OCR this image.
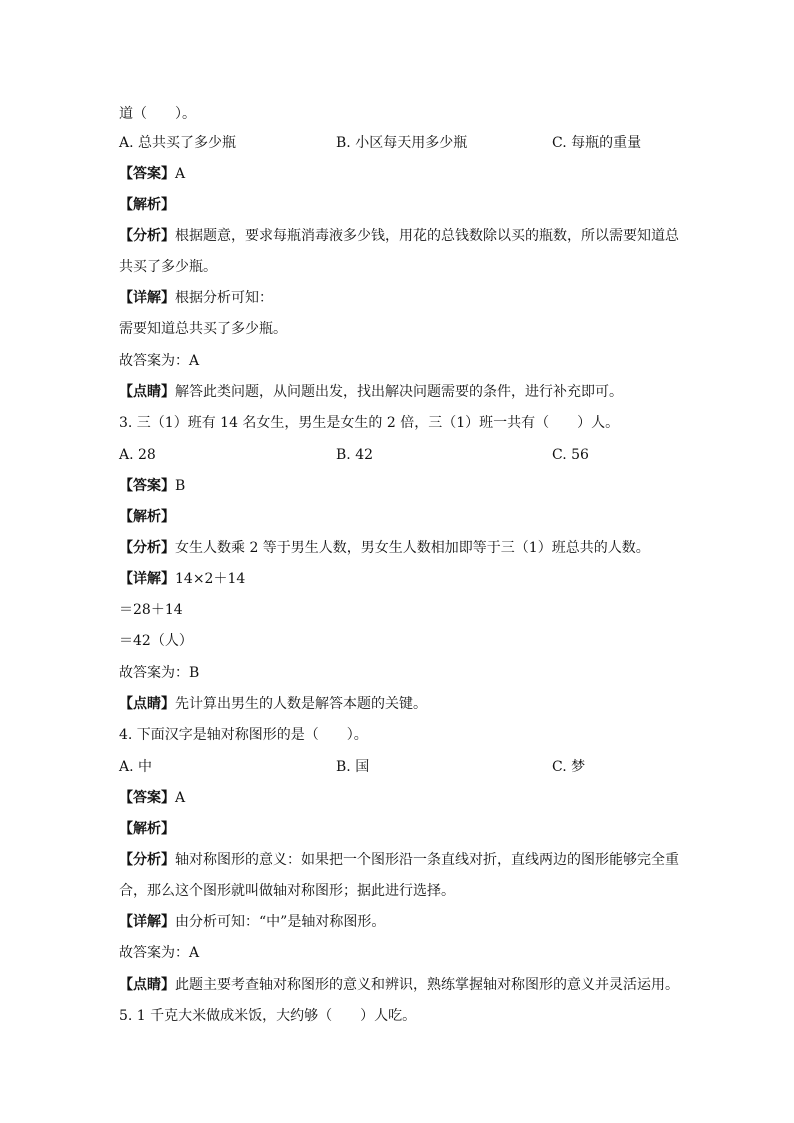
道（　　）。
A. 总共买了多少瓶	B. 小区每天用多少瓶	C. 每瓶的重量
【答案】A
【解析】
【分析】根据题意，要求每瓶消毒液多少钱，用花的总钱数除以买的瓶数，所以需要知道总
共买了多少瓶。
【详解】根据分析可知：
需要知道总共买了多少瓶。
故答案为：A
【点睛】解答此类问题，从问题出发，找出解决问题需要的条件，进行补充即可。
3. 三（1）班有 14 名女生，男生是女生的 2 倍，三（1）班一共有（　　）人。
A. 28	B. 42	C. 56
【答案】B
【解析】
【分析】女生人数乘 2 等于男生人数，男女生人数相加即等于三（1）班总共的人数。
【详解】14×2＋14
＝28＋14
＝42（人）
故答案为：B
【点睛】先计算出男生的人数是解答本题的关键。
4. 下面汉字是轴对称图形的是（　　）。
A. 中	B. 国	C. 梦
【答案】A
【解析】
【分析】轴对称图形的意义：如果把一个图形沿一条直线对折，直线两边的图形能够完全重
合，那么这个图形就叫做轴对称图形；据此进行选择。
【详解】由分析可知：“中”是轴对称图形。
故答案为：A
【点睛】此题主要考查轴对称图形的意义和辨识，熟练掌握轴对称图形的意义并灵活运用。
5. 1 千克大米做成米饭，大约够（　　）人吃。
